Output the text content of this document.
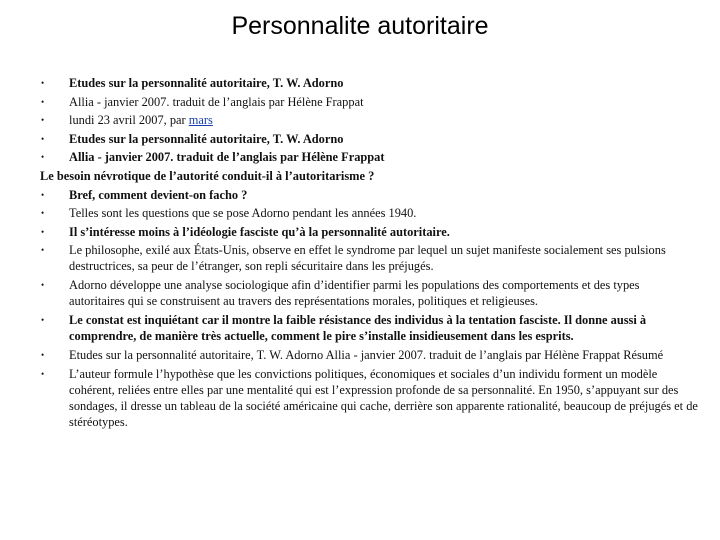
Personnalite autoritaire
•	Etudes sur la personnalité autoritaire, T. W. Adorno
•	Allia - janvier 2007. traduit de l’anglais par Hélène Frappat
•	lundi 23 avril 2007, par mars
•	Etudes sur la personnalité autoritaire, T. W. Adorno
•	Allia - janvier 2007. traduit de l’anglais par Hélène Frappat
Le besoin névrotique de l’autorité conduit-il à l’autoritarisme ?
•	Bref, comment devient-on facho ?
•	Telles sont les questions que se pose Adorno pendant les années 1940.
•	Il s’intéresse moins à l’idéologie fasciste qu’à la personnalité autoritaire.
•	Le philosophe, exilé aux États-Unis, observe en effet le syndrome par lequel un sujet manifeste socialement ses pulsions destructrices, sa peur de l’étranger, son repli sécuritaire dans les préjugés.
•	Adorno développe une analyse sociologique afin d’identifier parmi les populations des comportements et des types autoritaires qui se construisent au travers des représentations morales, politiques et religieuses.
•	Le constat est inquiétant car il montre la faible résistance des individus à la tentation fasciste. Il donne aussi à comprendre, de manière très actuelle, comment le pire s’installe insidieusement dans les esprits.
•	Etudes sur la personnalité autoritaire, T. W. Adorno Allia - janvier 2007. traduit de l’anglais par Hélène Frappat Résumé
•	L’auteur formule l’hypothèse que les convictions politiques, économiques et sociales d’un individu forment un modèle cohérent, reliées entre elles par une mentalité qui est l’expression profonde de sa personnalité. En 1950, s’appuyant sur des sondages, il dresse un tableau de la société américaine qui cache, derrière son apparente rationalité, beaucoup de préjugés et de stéréotypes.
